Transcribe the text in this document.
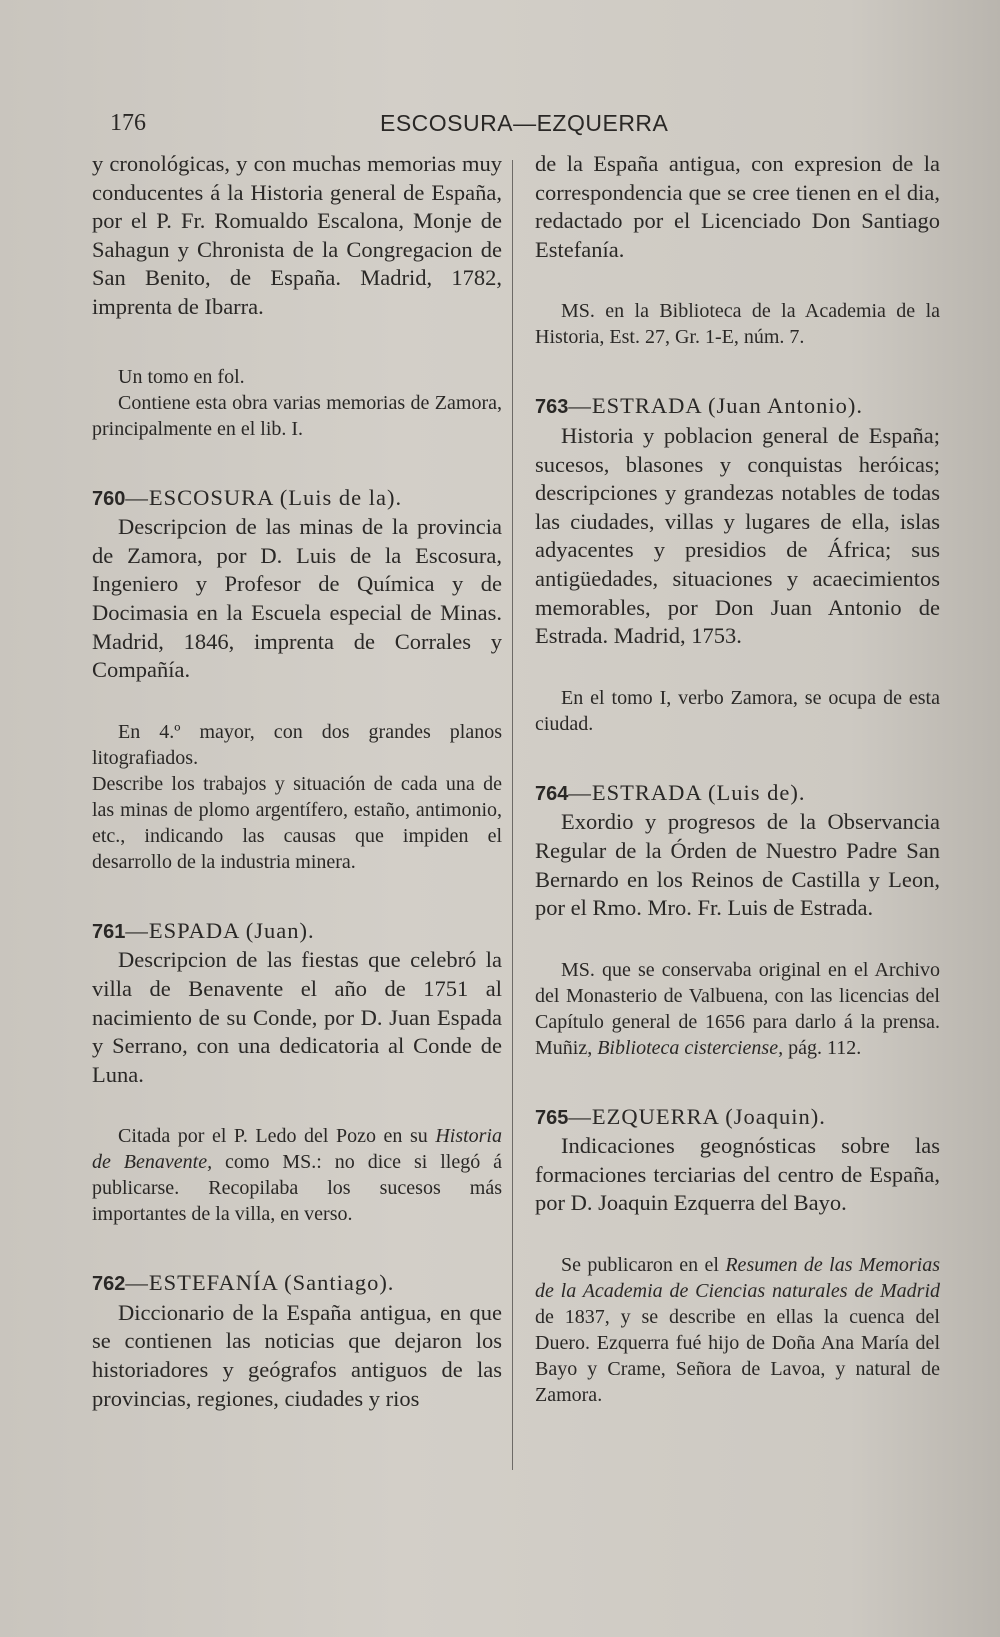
176	ESCOSURA—EZQUERRA

y cronológicas, y con muchas memorias muy conducentes á la Historia general de España, por el P. Fr. Romualdo Escalona, Monje de Sahagun y Chronista de la Congregacion de San Benito, de España. Madrid, 1782, imprenta de Ibarra.

Un tomo en fol.

Contiene esta obra varias memorias de Zamora, principalmente en el lib. I.

760—ESCOSURA (Luis de la).

Descripcion de las minas de la provincia de Zamora, por D. Luis de la Escosura, Ingeniero y Profesor de Química y de Docimasia en la Escuela especial de Minas. Madrid, 1846, imprenta de Corrales y Compañía.

En 4.º mayor, con dos grandes planos litografiados.

Describe los trabajos y situación de cada una de las minas de plomo argentífero, estaño, antimonio, etc., indicando las causas que impiden el desarrollo de la industria minera.

761—ESPADA (Juan).

Descripcion de las fiestas que celebró la villa de Benavente el año de 1751 al nacimiento de su Conde, por D. Juan Espada y Serrano, con una dedicatoria al Conde de Luna.

Citada por el P. Ledo del Pozo en su Historia de Benavente, como MS.: no dice si llegó á publicarse. Recopilaba los sucesos más importantes de la villa, en verso.

762—ESTEFANÍA (Santiago).

Diccionario de la España antigua, en que se contienen las noticias que dejaron los historiadores y geógrafos antiguos de las provincias, regiones, ciudades y rios

de la España antigua, con expresion de la correspondencia que se cree tienen en el dia, redactado por el Licenciado Don Santiago Estefanía.

MS. en la Biblioteca de la Academia de la Historia, Est. 27, Gr. 1-E, núm. 7.

763—ESTRADA (Juan Antonio).

Historia y poblacion general de España; sucesos, blasones y conquistas heróicas; descripciones y grandezas notables de todas las ciudades, villas y lugares de ella, islas adyacentes y presidios de África; sus antigüedades, situaciones y acaecimientos memorables, por Don Juan Antonio de Estrada. Madrid, 1753.

En el tomo I, verbo Zamora, se ocupa de esta ciudad.

764—ESTRADA (Luis de).

Exordio y progresos de la Observancia Regular de la Órden de Nuestro Padre San Bernardo en los Reinos de Castilla y Leon, por el Rmo. Mro. Fr. Luis de Estrada.

MS. que se conservaba original en el Archivo del Monasterio de Valbuena, con las licencias del Capítulo general de 1656 para darlo á la prensa. Muñiz, Biblioteca cisterciense, pág. 112.

765—EZQUERRA (Joaquin).

Indicaciones geognósticas sobre las formaciones terciarias del centro de España, por D. Joaquin Ezquerra del Bayo.

Se publicaron en el Resumen de las Memorias de la Academia de Ciencias naturales de Madrid de 1837, y se describe en ellas la cuenca del Duero. Ezquerra fué hijo de Doña Ana María del Bayo y Crame, Señora de Lavoa, y natural de Zamora.
